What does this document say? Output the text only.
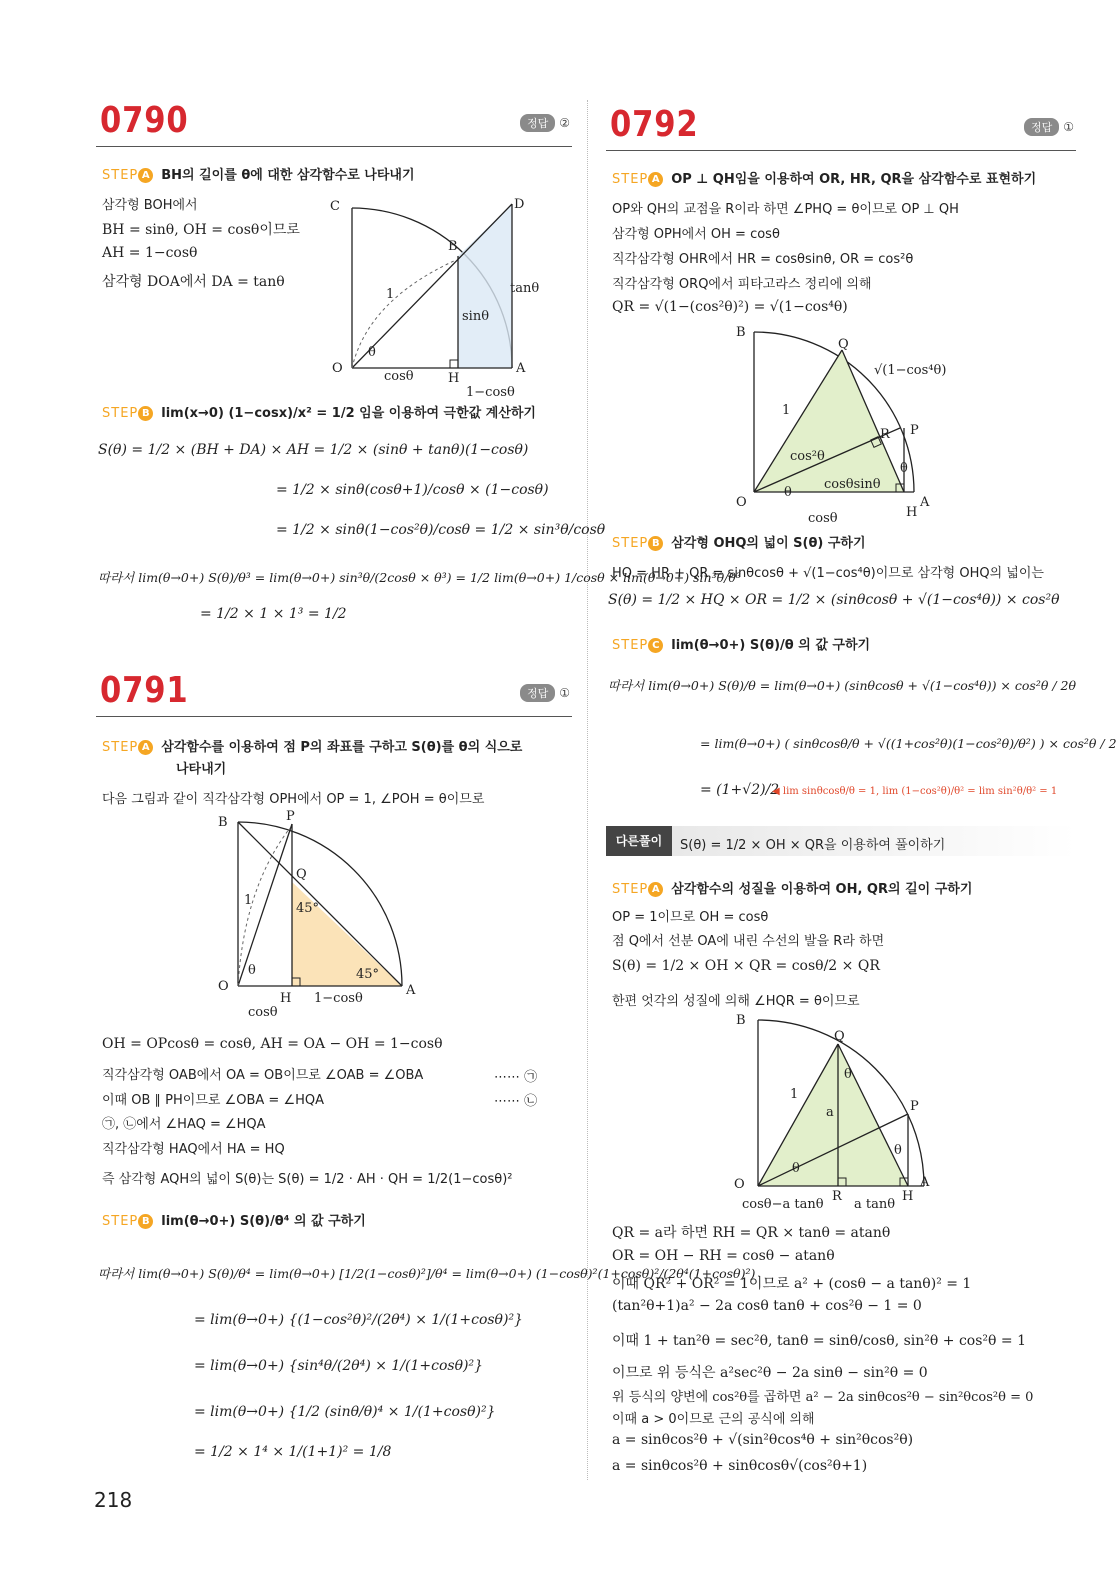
0790	정답 ②
STEP A BH의 길이를 θ에 대한 삼각함수로 나타내기
삼각형 BOH에서
BH = sinθ, OH = cosθ이므로
AH = 1−cosθ
삼각형 DOA에서 DA = tanθ
C	D
B
O
H
A
1
θ
sinθ
tanθ
cosθ
1−cosθ
STEP B lim(x→0) (1−cosx)/x² = 1/2 임을 이용하여 극한값 계산하기
S(θ) = 1/2 × (BH + DA) × AH = 1/2 × (sinθ + tanθ)(1−cosθ)
= 1/2 × sinθ(cosθ+1)/cosθ × (1−cosθ)
= 1/2 × sinθ(1−cos²θ)/cosθ = 1/2 × sin³θ/cosθ
따라서 lim(θ→0+) S(θ)/θ³ = lim(θ→0+) sin³θ/(2cosθ × θ³) = 1/2 lim(θ→0+) 1/cosθ × lim(θ→0+) sin³θ/θ³
= 1/2 × 1 × 1³ = 1/2
0791	정답 ①
STEP A 삼각함수를 이용하여 점 P의 좌표를 구하고 S(θ)를 θ의 식으로
나타내기
다음 그림과 같이 직각삼각형 OPH에서 OP = 1, ∠POH = θ이므로
B	P
Q
O
H
A
1
θ
45°
45°
cosθ
1−cosθ
OH = OPcosθ = cosθ, AH = OA − OH = 1−cosθ
직각삼각형 OAB에서 OA = OB이므로 ∠OAB = ∠OBA
이때 OB ∥ PH이므로 ∠OBA = ∠HQA
㉠, ㉡에서 ∠HAQ = ∠HQA
직각삼각형 HAQ에서 HA = HQ
즉 삼각형 AQH의 넓이 S(θ)는 S(θ) = 1/2 · AH · QH = 1/2(1−cosθ)²
⋯⋯ ㉠
⋯⋯ ㉡
STEP B lim(θ→0+) S(θ)/θ⁴ 의 값 구하기
따라서 lim(θ→0+) S(θ)/θ⁴ = lim(θ→0+) [1/2(1−cosθ)²]/θ⁴ = lim(θ→0+) (1−cosθ)²(1+cosθ)²/(2θ⁴(1+cosθ)²)
= lim(θ→0+) {(1−cos²θ)²/(2θ⁴) × 1/(1+cosθ)²}
= lim(θ→0+) {sin⁴θ/(2θ⁴) × 1/(1+cosθ)²}
= lim(θ→0+) {1/2 (sinθ/θ)⁴ × 1/(1+cosθ)²}
= 1/2 × 1⁴ × 1/(1+1)² = 1/8
0792	정답 ①
STEP A OP ⊥ QH임을 이용하여 OR, HR, QR을 삼각함수로 표현하기
OP와 QH의 교점을 R이라 하면 ∠PHQ = θ이므로 OP ⊥ QH
삼각형 OPH에서 OH = cosθ
직각삼각형 OHR에서 HR = cosθsinθ, OR = cos²θ
직각삼각형 ORQ에서 피타고라스 정리에 의해
QR = √(1−(cos²θ)²) = √(1−cos⁴θ)
B
Q
R P
O
H
A
1
θ
θ
√(1−cos⁴θ)
cos²θ
cosθsinθ
cosθ
STEP B 삼각형 OHQ의 넓이 S(θ) 구하기
HQ = HR + QR = sinθcosθ + √(1−cos⁴θ)이므로 삼각형 OHQ의 넓이는
S(θ) = 1/2 × HQ × OR = 1/2 × (sinθcosθ + √(1−cos⁴θ)) × cos²θ
STEP C lim(θ→0+) S(θ)/θ 의 값 구하기
따라서 lim(θ→0+) S(θ)/θ = lim(θ→0+) (sinθcosθ + √(1−cos⁴θ)) × cos²θ / 2θ
= lim(θ→0+) ( sinθcosθ/θ + √((1+cos²θ)(1−cos²θ)/θ²) ) × cos²θ / 2
= (1+√2)/2
◀ lim sinθcosθ/θ = 1, lim (1−cos²θ)/θ² = lim sin²θ/θ² = 1
다른풀이	S(θ) = 1/2 × OH × QR을 이용하여 풀이하기
STEP A 삼각함수의 성질을 이용하여 OH, QR의 길이 구하기
OP = 1이므로 OH = cosθ
점 Q에서 선분 OA에 내린 수선의 발을 R라 하면
S(θ) = 1/2 × OH × QR = cosθ/2 × QR
한편 엇각의 성질에 의해 ∠HQR = θ이므로
B
Q
P
O
R	H
A
1
a
θ
θ
θ
cosθ−a tanθ a tanθ
QR = a라 하면 RH = QR × tanθ = atanθ
OR = OH − RH = cosθ − atanθ
이때 QR² + OR² = 1이므로 a² + (cosθ − a tanθ)² = 1
(tan²θ+1)a² − 2a cosθ tanθ + cos²θ − 1 = 0
이때 1 + tan²θ = sec²θ, tanθ = sinθ/cosθ, sin²θ + cos²θ = 1
이므로 위 등식은 a²sec²θ − 2a sinθ − sin²θ = 0
위 등식의 양변에 cos²θ를 곱하면 a² − 2a sinθcos²θ − sin²θcos²θ = 0
이때 a > 0이므로 근의 공식에 의해
a = sinθcos²θ + √(sin²θcos⁴θ + sin²θcos²θ)
a = sinθcos²θ + sinθcosθ√(cos²θ+1)
218
